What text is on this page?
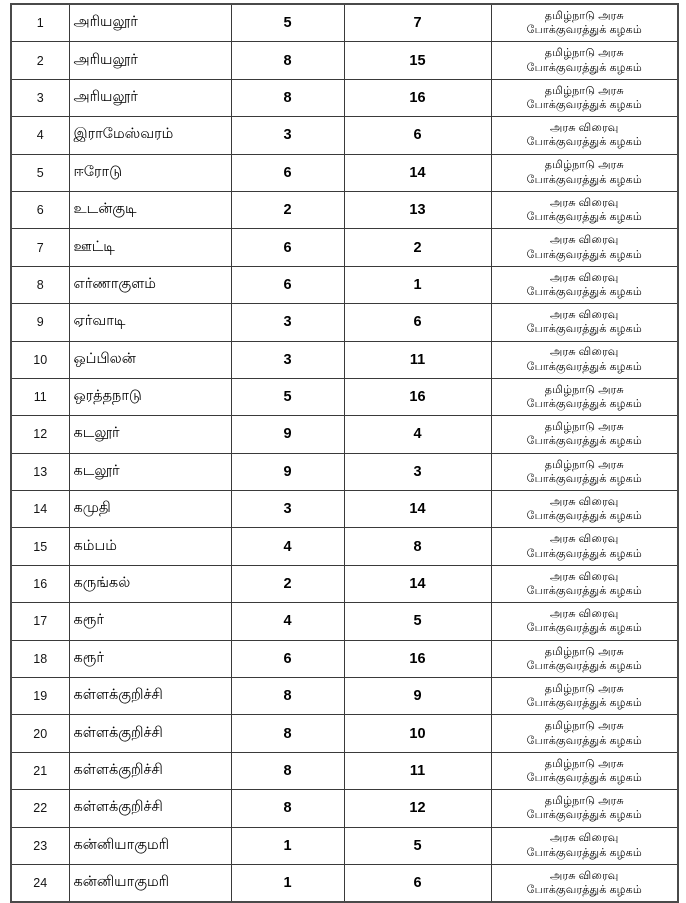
1	அரியலூர்	5	7	தமிழ்நாடு அரசு
போக்குவரத்துக் கழகம்

2	அரியலூர்	8	15	தமிழ்நாடு அரசு
போக்குவரத்துக் கழகம்

3	அரியலூர்	8	16	தமிழ்நாடு அரசு
போக்குவரத்துக் கழகம்

4	இராமேஸ்வரம்	3	6	அரசு விரைவு
போக்குவரத்துக் கழகம்

5	ஈரோடு	6	14	தமிழ்நாடு அரசு
போக்குவரத்துக் கழகம்

6	உடன்குடி	2	13	அரசு விரைவு
போக்குவரத்துக் கழகம்

7	ஊட்டி	6	2	அரசு விரைவு
போக்குவரத்துக் கழகம்

8	எர்ணாகுளம்	6	1	அரசு விரைவு
போக்குவரத்துக் கழகம்

9	ஏர்வாடி	3	6	அரசு விரைவு
போக்குவரத்துக் கழகம்

10	ஒப்பிலன்	3	11	அரசு விரைவு
போக்குவரத்துக் கழகம்

11	ஒரத்தநாடு	5	16	தமிழ்நாடு அரசு
போக்குவரத்துக் கழகம்

12	கடலூர்	9	4	தமிழ்நாடு அரசு
போக்குவரத்துக் கழகம்

13	கடலூர்	9	3	தமிழ்நாடு அரசு
போக்குவரத்துக் கழகம்

14	கமுதி	3	14	அரசு விரைவு
போக்குவரத்துக் கழகம்

15	கம்பம்	4	8	அரசு விரைவு
போக்குவரத்துக் கழகம்

16	கருங்கல்	2	14	அரசு விரைவு
போக்குவரத்துக் கழகம்

17	கரூர்	4	5	அரசு விரைவு
போக்குவரத்துக் கழகம்

18	கரூர்	6	16	தமிழ்நாடு அரசு
போக்குவரத்துக் கழகம்

19	கள்ளக்குறிச்சி	8	9	தமிழ்நாடு அரசு
போக்குவரத்துக் கழகம்

20	கள்ளக்குறிச்சி	8	10	தமிழ்நாடு அரசு
போக்குவரத்துக் கழகம்

21	கள்ளக்குறிச்சி	8	11	தமிழ்நாடு அரசு
போக்குவரத்துக் கழகம்

22	கள்ளக்குறிச்சி	8	12	தமிழ்நாடு அரசு
போக்குவரத்துக் கழகம்

23	கன்னியாகுமரி	1	5	அரசு விரைவு
போக்குவரத்துக் கழகம்

24	கன்னியாகுமரி	1	6	அரசு விரைவு
போக்குவரத்துக் கழகம்
